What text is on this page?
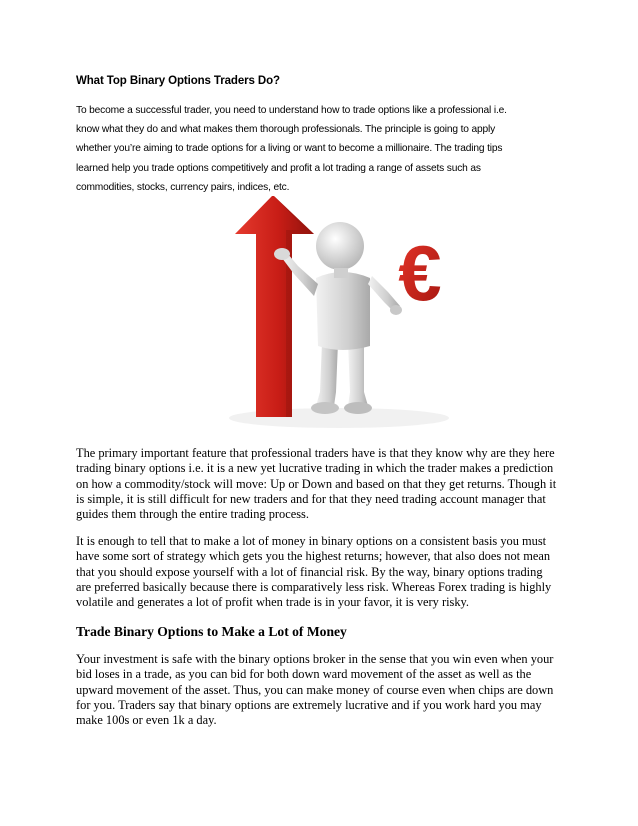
What Top Binary Options Traders Do?
To become a successful trader, you need to understand how to trade options like a professional i.e.
know what they do and what makes them thorough professionals. The principle is going to apply
whether you’re aiming to trade options for a living or want to become a millionaire. The trading tips
learned help you trade options competitively and profit a lot trading a range of assets such as
commodities, stocks, currency pairs, indices, etc.
€

The primary important feature that professional traders have is that they know why are they here
trading binary options i.e. it is a new yet lucrative trading in which the trader makes a prediction
on how a commodity/stock will move: Up or Down and based on that they get returns. Though it
is simple, it is still difficult for new traders and for that they need trading account manager that
guides them through the entire trading process.

It is enough to tell that to make a lot of money in binary options on a consistent basis you must
have some sort of strategy which gets you the highest returns; however, that also does not mean
that you should expose yourself with a lot of financial risk. By the way, binary options trading
are preferred basically because there is comparatively less risk. Whereas Forex trading is highly
volatile and generates a lot of profit when trade is in your favor, it is very risky.

Trade Binary Options to Make a Lot of Money

Your investment is safe with the binary options broker in the sense that you win even when your
bid loses in a trade, as you can bid for both down ward movement of the asset as well as the
upward movement of the asset. Thus, you can make money of course even when chips are down
for you. Traders say that binary options are extremely lucrative and if you work hard you may
make 100s or even 1k a day.
